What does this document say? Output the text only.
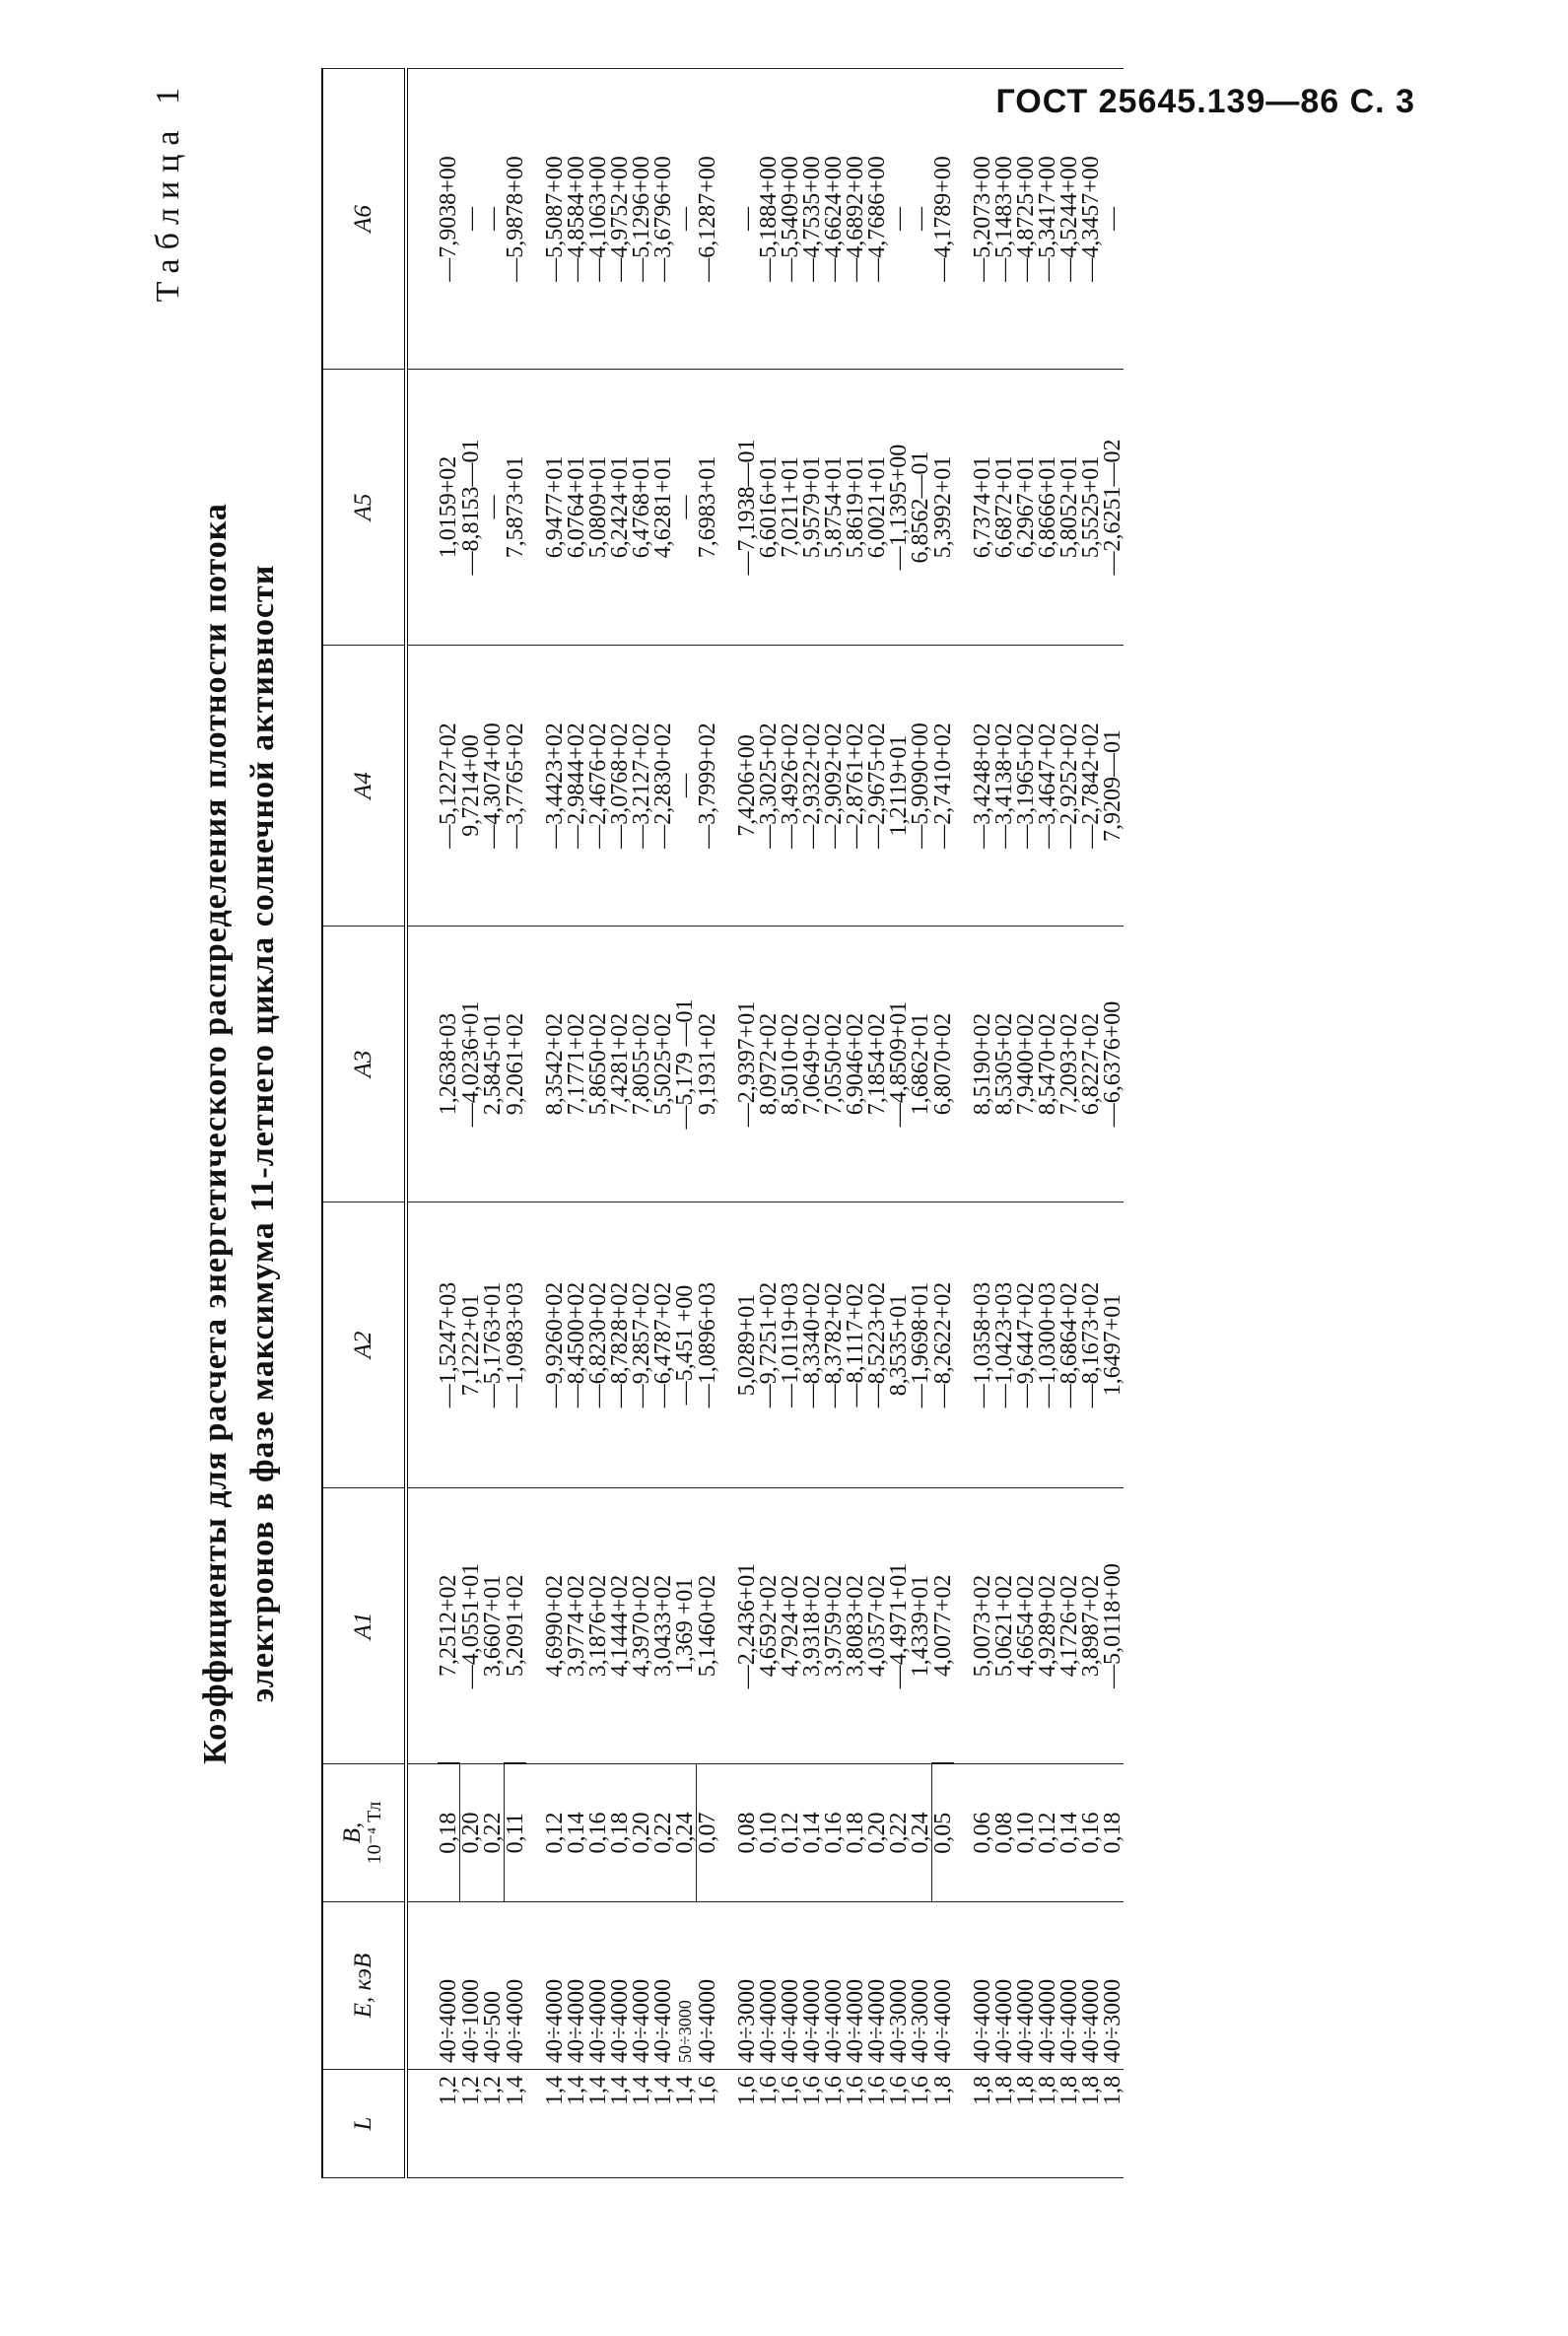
ГОСТ 25645.139—86 С. 3
Таблица 1
Коэффициенты для расчета энергетического распределения плотности потока электронов в фазе максимума 11-летнего цикла солнечной активности
L	E, кэВ	B,
10⁻⁴ Тл	A1	A2	A3	A4	A5	A6

1,2	40÷4000	0,18	7,2512+02	—1,5247+03	1,2638+03	—5,1227+02	1,0159+02	—7,9038+00
1,2	40÷1000	0,20	—4,0551+01	7,1222+01	—4,0236+01	9,7214+00	—8,8153—01	—
1,2	40÷500	0,22	3,6607+01	—5,1763+01	2,5845+01	—4,3074+00	—	—
1,4	40÷4000	0,11	5,2091+02	—1,0983+03	9,2061+02	—3,7765+02	7,5873+01	—5,9878+00

1,4	40÷4000	0,12	4,6990+02	—9,9260+02	8,3542+02	—3,4423+02	6,9477+01	—5,5087+00
1,4	40÷4000	0,14	3,9774+02	—8,4500+02	7,1771+02	—2,9844+02	6,0764+01	—4,8584+00
1,4	40÷4000	0,16	3,1876+02	—6,8230+02	5,8650+02	—2,4676+02	5,0809+01	—4,1063+00
1,4	40÷4000	0,18	4,1444+02	—8,7828+02	7,4281+02	—3,0768+02	6,2424+01	—4,9752+00
1,4	40÷4000	0,20	4,3970+02	—9,2857+02	7,8055+02	—3,2127+02	6,4768+01	—5,1296+00
1,4	40÷4000	0,22	3,0433+02	—6,4787+02	5,5025+02	—2,2830+02	4,6281+01	—3,6796+00
1,4	50÷3000	0,24	1,369 +01	—5,451 +00	—5,179 —01	—	—	—
1,6	40÷4000	0,07	5,1460+02	—1,0896+03	9,1931+02	—3,7999+02	7,6983+01	—6,1287+00

1,6	40÷3000	0,08	—2,2436+01	5,0289+01	—2,9397+01	7,4206+00	—7,1938—01	—
1,6	40÷4000	0,10	4,6592+02	—9,7251+02	8,0972+02	—3,3025+02	6,6016+01	—5,1884+00
1,6	40÷4000	0,12	4,7924+02	—1,0119+03	8,5010+02	—3,4926+02	7,0211+01	—5,5409+00
1,6	40÷4000	0,14	3,9318+02	—8,3340+02	7,0649+02	—2,9322+02	5,9579+01	—4,7535+00
1,6	40÷4000	0,16	3,9759+02	—8,3782+02	7,0550+02	—2,9092+02	5,8754+01	—4,6624+00
1,6	40÷4000	0,18	3,8083+02	—8,1117+02	6,9046+02	—2,8761+02	5,8619+01	—4,6892+00
1,6	40÷4000	0,20	4,0357+02	—8,5223+02	7,1854+02	—2,9675+02	6,0021+01	—4,7686+00
1,6	40÷3000	0,22	—4,4971+01	8,3535+01	—4,8509+01	1,2119+01	—1,1395+00	—
1,6	40÷3000	0,24	1,4339+01	—1,9698+01	1,6862+01	—5,9090+00	6,8562—01	—
1,8	40÷4000	0,05	4,0077+02	—8,2622+02	6,8070+02	—2,7410+02	5,3992+01	—4,1789+00

1,8	40÷4000	0,06	5,0073+02	—1,0358+03	8,5190+02	—3,4248+02	6,7374+01	—5,2073+00
1,8	40÷4000	0,08	5,0621+02	—1,0423+03	8,5305+02	—3,4138+02	6,6872+01	—5,1483+00
1,8	40÷4000	0,10	4,6654+02	—9,6447+02	7,9400+02	—3,1965+02	6,2967+01	—4,8725+00
1,8	40÷4000	0,12	4,9289+02	—1,0300+03	8,5470+02	—3,4647+02	6,8666+01	—5,3417+00
1,8	40÷4000	0,14	4,1726+02	—8,6864+02	7,2093+02	—2,9252+02	5,8052+01	—4,5244+00
1,8	40÷4000	0,16	3,8987+02	—8,1673+02	6,8227+02	—2,7842+02	5,5525+01	—4,3457+00
1,8	40÷3000	0,18	—5,0118+00	1,6497+01	—6,6376+00	7,9209—01	—2,6251—02	—
